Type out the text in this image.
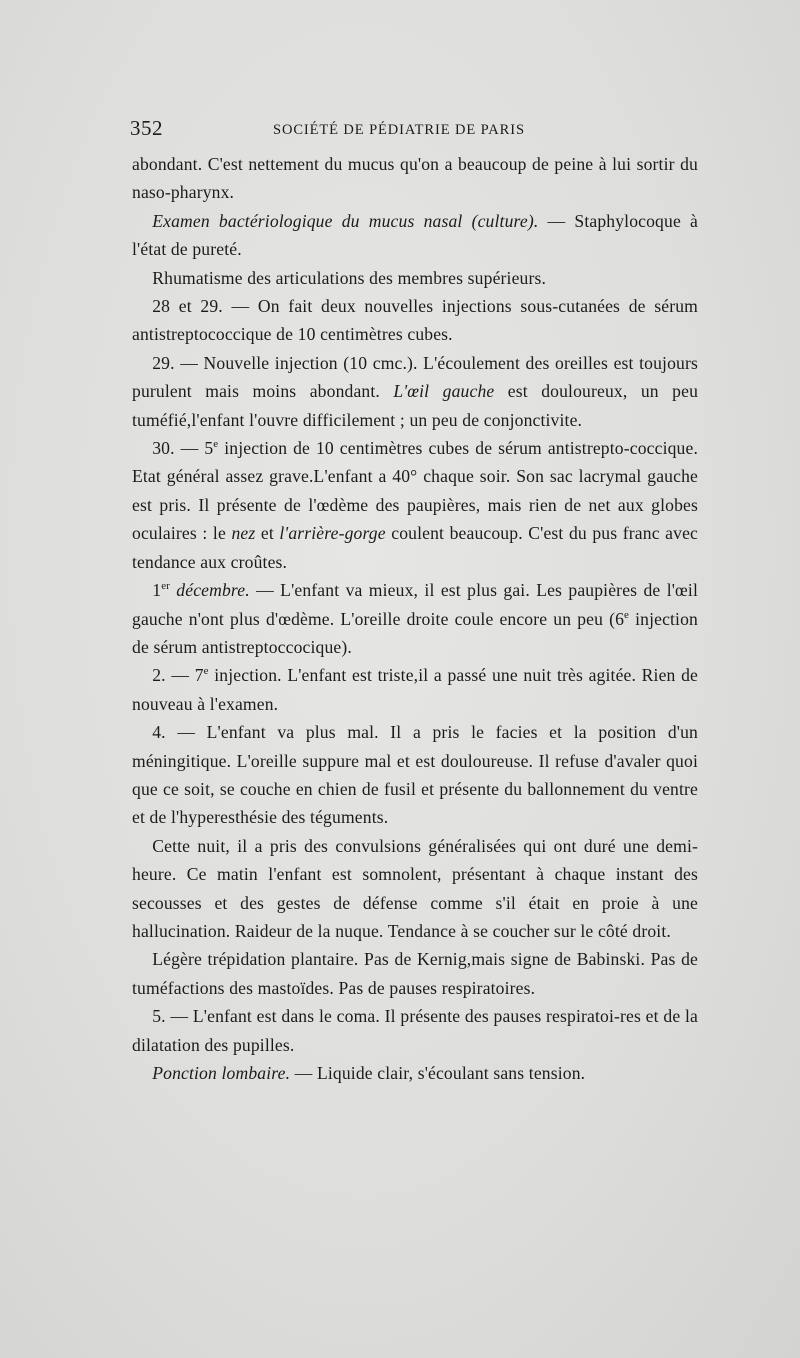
352	SOCIÉTÉ DE PÉDIATRIE DE PARIS

abondant. C'est nettement du mucus qu'on a beaucoup de peine à lui sortir du naso-pharynx.

Examen bactériologique du mucus nasal (culture). — Staphylocoque à l'état de pureté.

Rhumatisme des articulations des membres supérieurs.

28 et 29. — On fait deux nouvelles injections sous-cutanées de sérum antistreptococcique de 10 centimètres cubes.

29. — Nouvelle injection (10 cmc.). L'écoulement des oreilles est toujours purulent mais moins abondant. L'œil gauche est douloureux, un peu tuméfié,l'enfant l'ouvre difficilement ; un peu de conjonctivite.

30. — 5e injection de 10 centimètres cubes de sérum antistrepto-coccique. Etat général assez grave.L'enfant a 40° chaque soir. Son sac lacrymal gauche est pris. Il présente de l'œdème des paupières, mais rien de net aux globes oculaires : le nez et l'arrière-gorge coulent beaucoup. C'est du pus franc avec tendance aux croûtes.

1er décembre. — L'enfant va mieux, il est plus gai. Les paupières de l'œil gauche n'ont plus d'œdème. L'oreille droite coule encore un peu (6e injection de sérum antistreptoccocique).

2. — 7e injection. L'enfant est triste,il a passé une nuit très agitée. Rien de nouveau à l'examen.

4. — L'enfant va plus mal. Il a pris le facies et la position d'un méningitique. L'oreille suppure mal et est douloureuse. Il refuse d'avaler quoi que ce soit, se couche en chien de fusil et présente du ballonnement du ventre et de l'hyperesthésie des téguments.

Cette nuit, il a pris des convulsions généralisées qui ont duré une demi-heure. Ce matin l'enfant est somnolent, présentant à chaque instant des secousses et des gestes de défense comme s'il était en proie à une hallucination. Raideur de la nuque. Tendance à se coucher sur le côté droit.

Légère trépidation plantaire. Pas de Kernig,mais signe de Babinski. Pas de tuméfactions des mastoïdes. Pas de pauses respiratoires.

5. — L'enfant est dans le coma. Il présente des pauses respiratoi-res et de la dilatation des pupilles.

Ponction lombaire. — Liquide clair, s'écoulant sans tension.
